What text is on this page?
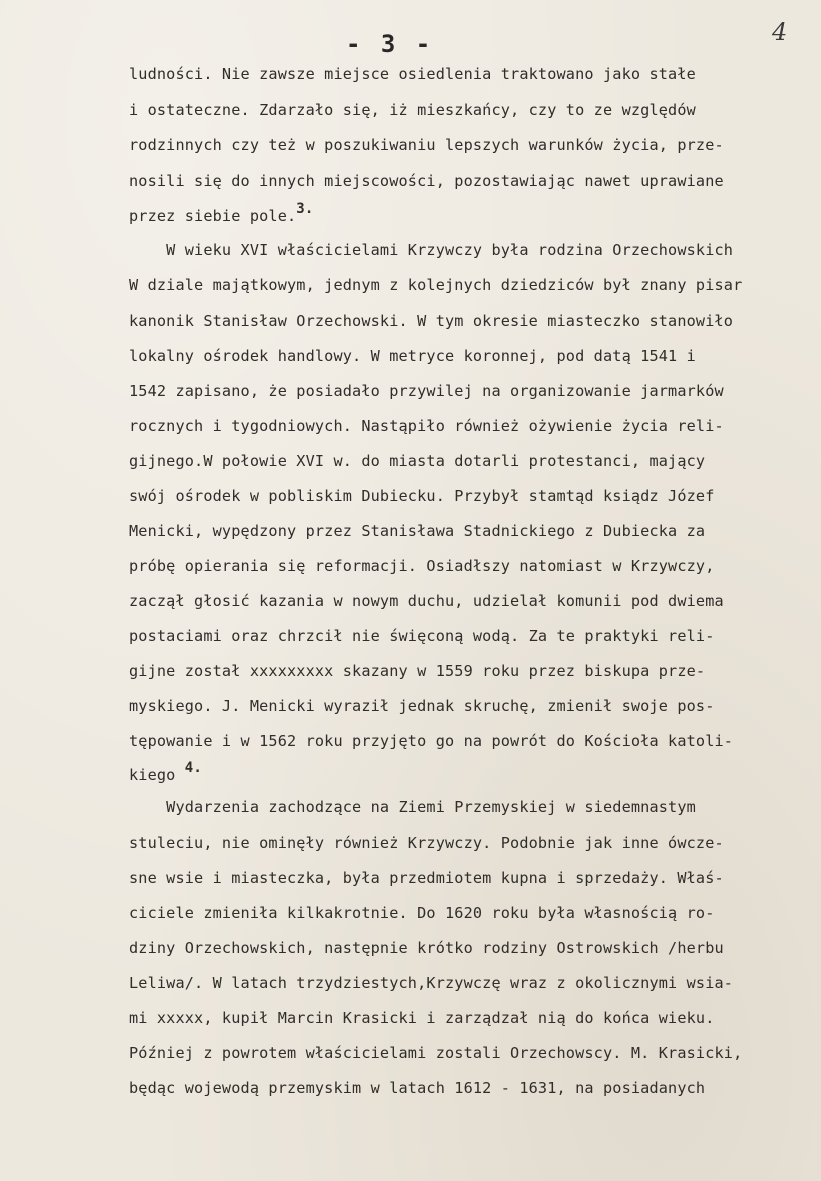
- 3 -	4
ludności. Nie zawsze miejsce osiedlenia traktowano jako stałe
i ostateczne. Zdarzało się, iż mieszkańcy, czy to ze względów
rodzinnych czy też w poszukiwaniu lepszych warunków życia, prze-
nosili się do innych miejscowości, pozostawiając nawet uprawiane
przez siebie pole.3.
W wieku XVI właścicielami Krzywczy była rodzina Orzechowskich
W dziale majątkowym, jednym z kolejnych dziedziców był znany pisar
kanonik Stanisław Orzechowski. W tym okresie miasteczko stanowiło
lokalny ośrodek handlowy. W metryce koronnej, pod datą 1541 i
1542 zapisano, że posiadało przywilej na organizowanie jarmarków
rocznych i tygodniowych. Nastąpiło również ożywienie życia reli-
gijnego.W połowie XVI w. do miasta dotarli protestanci, mający
swój ośrodek w pobliskim Dubiecku. Przybył stamtąd ksiądz Józef
Menicki, wypędzony przez Stanisława Stadnickiego z Dubiecka za
próbę opierania się reformacji. Osiadłszy natomiast w Krzywczy,
zaczął głosić kazania w nowym duchu, udzielał komunii pod dwiema
postaciami oraz chrzcił nie święconą wodą. Za te praktyki reli-
gijne został xxxxxxxxx skazany w 1559 roku przez biskupa prze-
myskiego. J. Menicki wyraził jednak skruchę, zmienił swoje pos-
tępowanie i w 1562 roku przyjęto go na powrót do Kościoła katoli-
kiego 4.
Wydarzenia zachodzące na Ziemi Przemyskiej w siedemnastym
stuleciu, nie ominęły również Krzywczy. Podobnie jak inne ówcze-
sne wsie i miasteczka, była przedmiotem kupna i sprzedaży. Właś-
ciciele zmieniła kilkakrotnie. Do 1620 roku była własnością ro-
dziny Orzechowskich, następnie krótko rodziny Ostrowskich /herbu
Leliwa/. W latach trzydziestych,Krzywczę wraz z okolicznymi wsia-
mi xxxxx, kupił Marcin Krasicki i zarządzał nią do końca wieku.
Później z powrotem właścicielami zostali Orzechowscy. M. Krasicki,
będąc wojewodą przemyskim w latach 1612 - 1631, na posiadanych
